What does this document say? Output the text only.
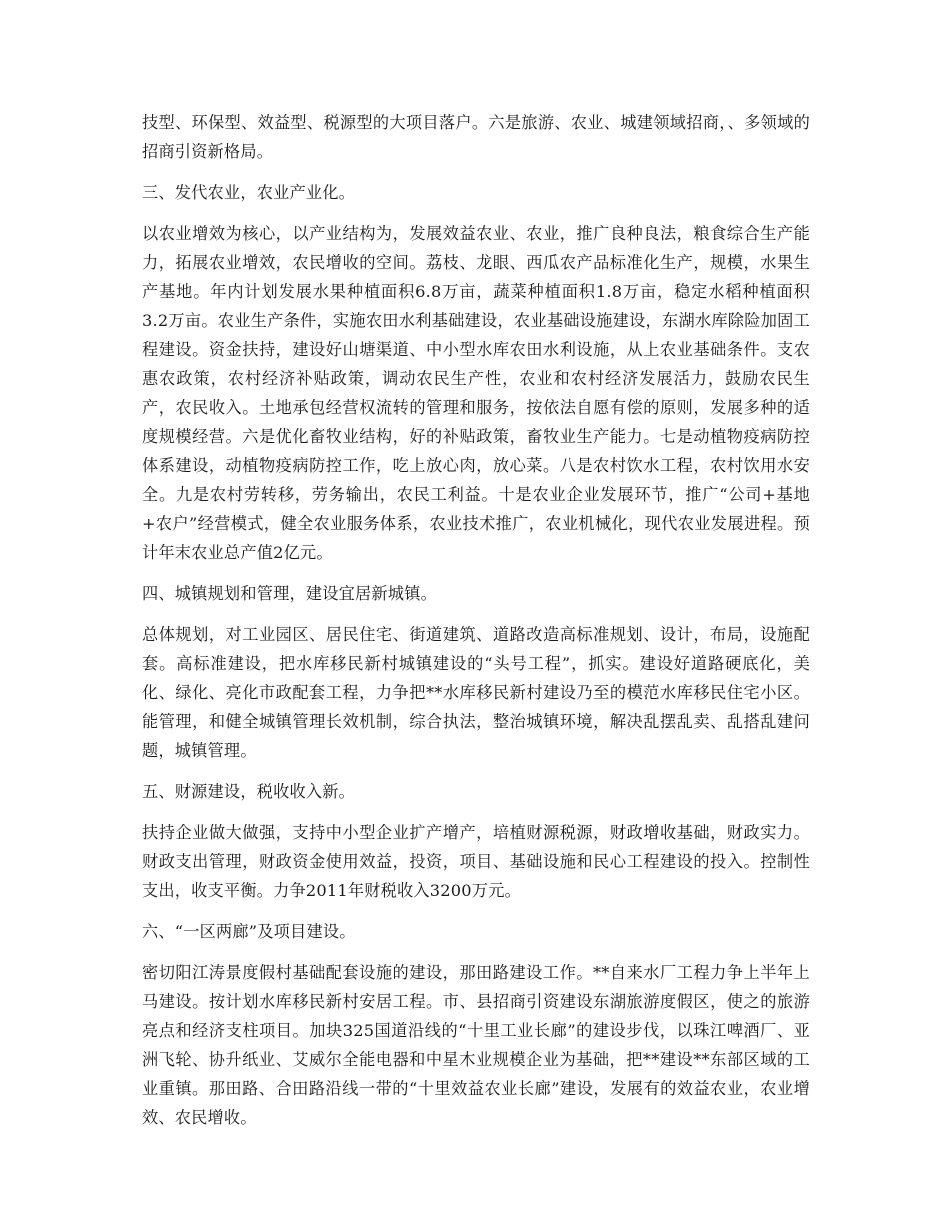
技型、环保型、效益型、税源型的大项目落户。六是旅游、农业、城建领域招商，、多领域的招商引资新格局。

三、发代农业，农业产业化。

以农业增效为核心，以产业结构为，发展效益农业、农业，推广良种良法，粮食综合生产能力，拓展农业增效，农民增收的空间。荔枝、龙眼、西瓜农产品标准化生产，规模，水果生产基地。年内计划发展水果种植面积6.8万亩，蔬菜种植面积1.8万亩，稳定水稻种植面积3.2万亩。农业生产条件，实施农田水利基础建设，农业基础设施建设，东湖水库除险加固工程建设。资金扶持，建设好山塘渠道、中小型水库农田水利设施，从上农业基础条件。支农惠农政策，农村经济补贴政策，调动农民生产性，农业和农村经济发展活力，鼓励农民生产，农民收入。土地承包经营权流转的管理和服务，按依法自愿有偿的原则，发展多种的适度规模经营。六是优化畜牧业结构，好的补贴政策，畜牧业生产能力。七是动植物疫病防控体系建设，动植物疫病防控工作，吃上放心肉，放心菜。八是农村饮水工程，农村饮用水安全。九是农村劳转移，劳务输出，农民工利益。十是农业企业发展环节，推广“公司+基地+农户”经营模式，健全农业服务体系，农业技术推广，农业机械化，现代农业发展进程。预计年末农业总产值2亿元。

四、城镇规划和管理，建设宜居新城镇。

总体规划，对工业园区、居民住宅、街道建筑、道路改造高标准规划、设计，布局，设施配套。高标准建设，把水库移民新村城镇建设的“头号工程”，抓实。建设好道路硬底化，美化、绿化、亮化市政配套工程，力争把**水库移民新村建设乃至的模范水库移民住宅小区。能管理，和健全城镇管理长效机制，综合执法，整治城镇环境，解决乱摆乱卖、乱搭乱建问题，城镇管理。

五、财源建设，税收收入新。

扶持企业做大做强，支持中小型企业扩产增产，培植财源税源，财政增收基础，财政实力。财政支出管理，财政资金使用效益，投资，项目、基础设施和民心工程建设的投入。控制性支出，收支平衡。力争2011年财税收入3200万元。

六、“一区两廊”及项目建设。

密切阳江涛景度假村基础配套设施的建设，那田路建设工作。**自来水厂工程力争上半年上马建设。按计划水库移民新村安居工程。市、县招商引资建设东湖旅游度假区，使之的旅游亮点和经济支柱项目。加块325国道沿线的“十里工业长廊”的建设步伐，以珠江啤酒厂、亚洲飞轮、协升纸业、艾威尔全能电器和中星木业规模企业为基础，把**建设**东部区域的工业重镇。那田路、合田路沿线一带的“十里效益农业长廊”建设，发展有的效益农业，农业增效、农民增收。
